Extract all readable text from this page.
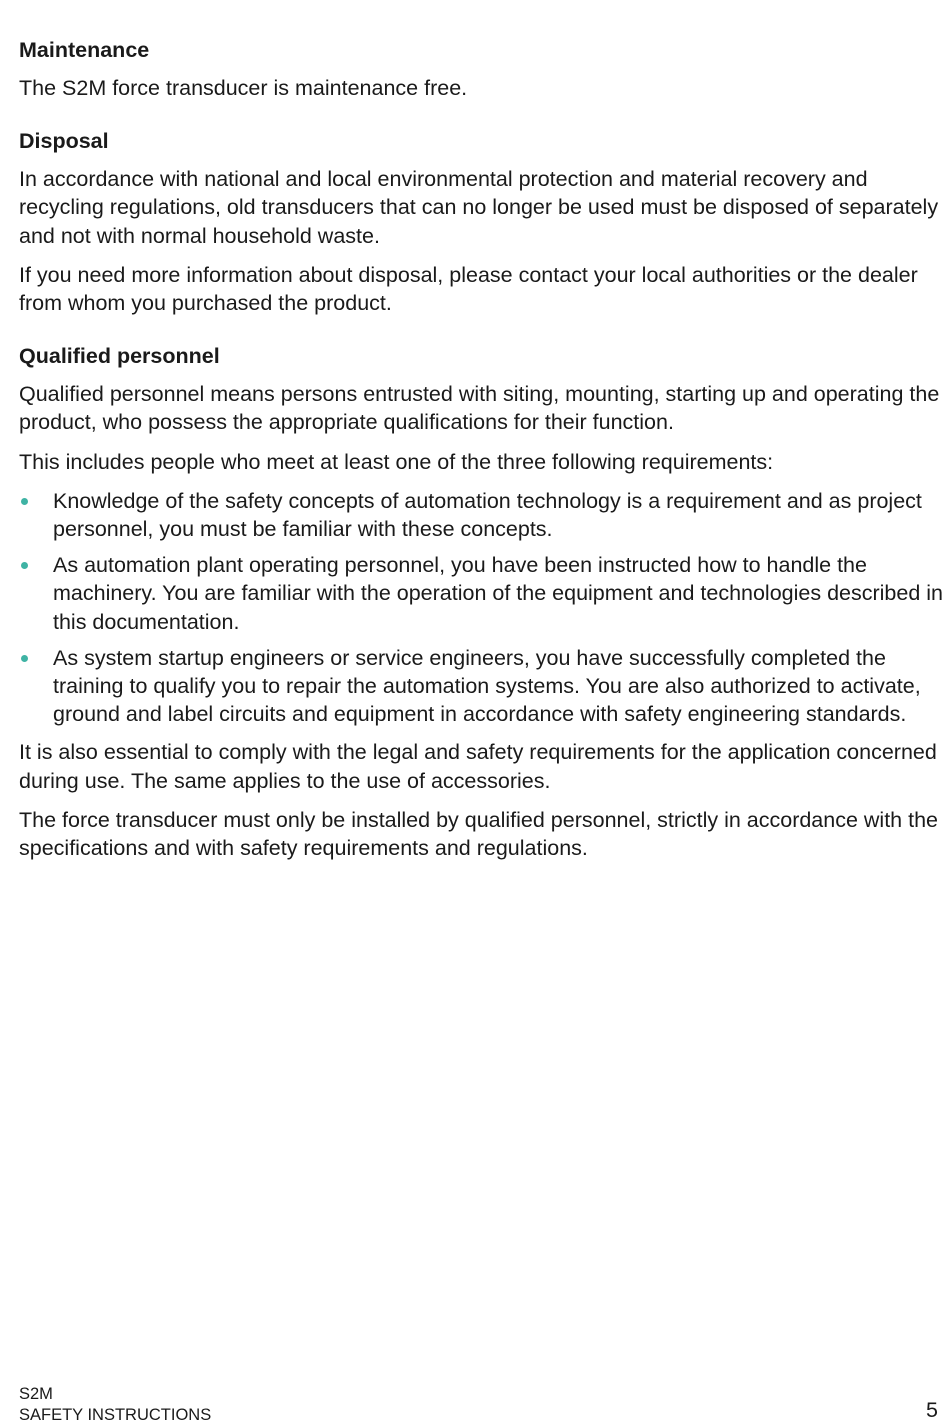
Maintenance

The S2M force transducer is maintenance free.

Disposal

In accordance with national and local environmental protection and material recovery and recycling regulations, old transducers that can no longer be used must be disposed of separately and not with normal household waste.

If you need more information about disposal, please contact your local authorities or the dealer from whom you purchased the product.

Qualified personnel

Qualified personnel means persons entrusted with siting, mounting, starting up and operating the product, who possess the appropriate qualifications for their function.

This includes people who meet at least one of the three following requirements:

Knowledge of the safety concepts of automation technology is a requirement and as project personnel, you must be familiar with these concepts.
As automation plant operating personnel, you have been instructed how to handle the machinery. You are familiar with the operation of the equipment and technologies described in this documentation.
As system startup engineers or service engineers, you have successfully completed the training to qualify you to repair the automation systems. You are also authorized to activate, ground and label circuits and equipment in accordance with safety engineering standards.

It is also essential to comply with the legal and safety requirements for the application concerned during use. The same applies to the use of accessories.

The force transducer must only be installed by qualified personnel, strictly in accordance with the specifications and with safety requirements and regulations.

S2M
SAFETY INSTRUCTIONS	5
